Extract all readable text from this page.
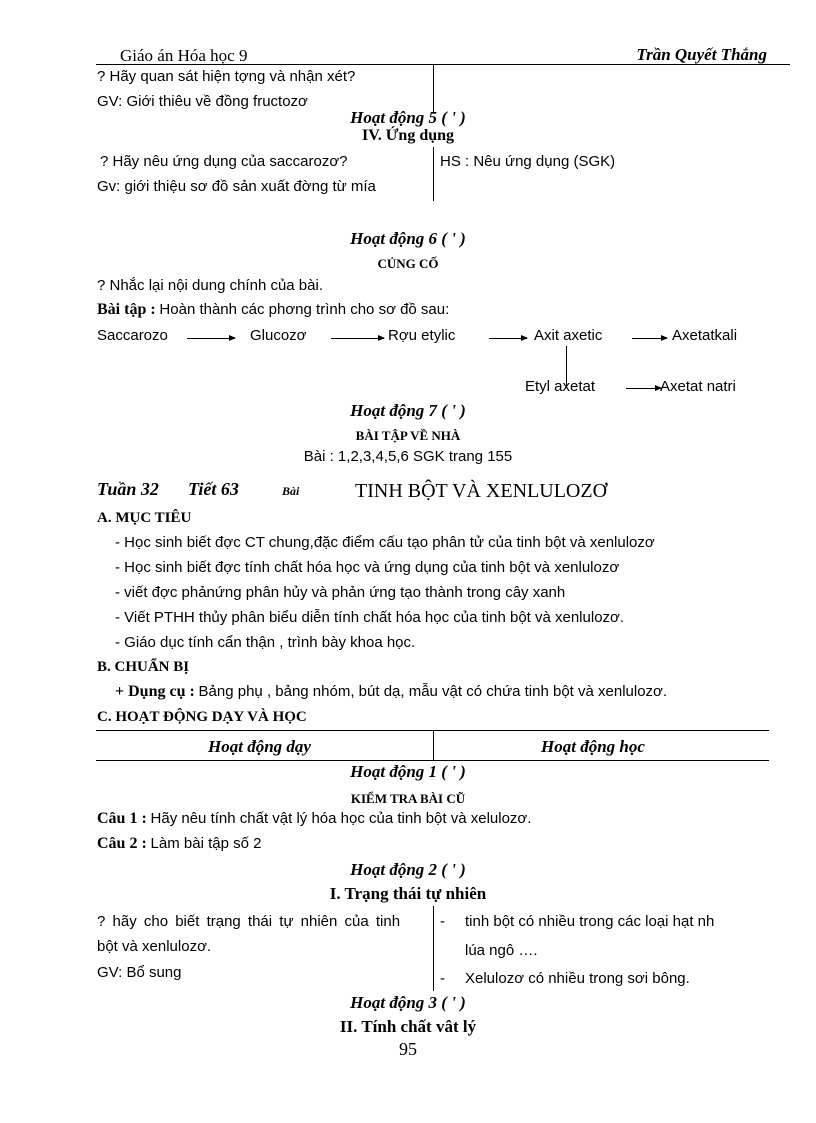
Giáo án Hóa học 9	Trần Quyết Thắng
? Hãy quan sát hiện tợng và nhận xét?
GV: Giới thiêu về đồng fructozơ
Hoạt động 5 ( ' )
IV. Ứng dụng
? Hãy nêu ứng dụng của saccarozơ?
Gv: giới thiệu sơ đồ sản xuất đờng từ mía
HS : Nêu ứng dụng (SGK)
Hoạt động 6 ( ' )
CỦNG CỐ
? Nhắc lại nội dung chính của bài.
Bài tập : Hoàn thành các phơng trình cho sơ đồ sau:
Saccarozo	Glucozơ	Rợu etylic	Axit axetic	Axetatkali
Etyl axetat	Axetat natri
Hoạt động 7 ( ' )
BÀI TẬP VỀ NHÀ
Bài : 1,2,3,4,5,6 SGK trang 155
Tuần 32 Tiết 63	Bài	TINH BỘT VÀ XENLULOZƠ
A. MỤC TIÊU
- Học sinh biết đợc CT chung,đặc điểm cấu tạo phân tử của tinh bột và xenlulozơ
- Học sinh biết đợc tính chất hóa học và ứng dụng của tinh bột và xenlulozơ
- viết đợc phảnứng phân hủy và phản ứng tạo thành trong cây xanh
- Viết PTHH thủy phân biểu diễn tính chất hóa học của tinh bột và xenlulozơ.
- Giáo dục tính cẩn thận , trình bày khoa học.
B. CHUẨN BỊ
+ Dụng cụ : Bảng phụ , bảng nhóm, bút dạ, mẫu vật có chứa tinh bột và xenlulozơ.
C. HOẠT ĐỘNG DẠY VÀ HỌC
Hoạt động dạy	Hoạt động học
Hoạt động 1 ( ' )
KIỂM TRA BÀI CŨ
Câu 1 : Hãy nêu tính chất vật lý hóa học của tinh bột và xelulozơ.
Câu 2 : Làm bài tập số 2
Hoạt động 2 ( ' )
I. Trạng thái tự nhiên
? hãy cho biết trạng thái tự nhiên của tinh
bột và xenlulozơ.
GV: Bổ sung
- tinh bột có nhiều trong các loại hạt nh
lúa ngô ….
- Xelulozơ có nhiều trong sơi bông.
Hoạt động 3 ( ' )
II. Tính chất vât lý
95
